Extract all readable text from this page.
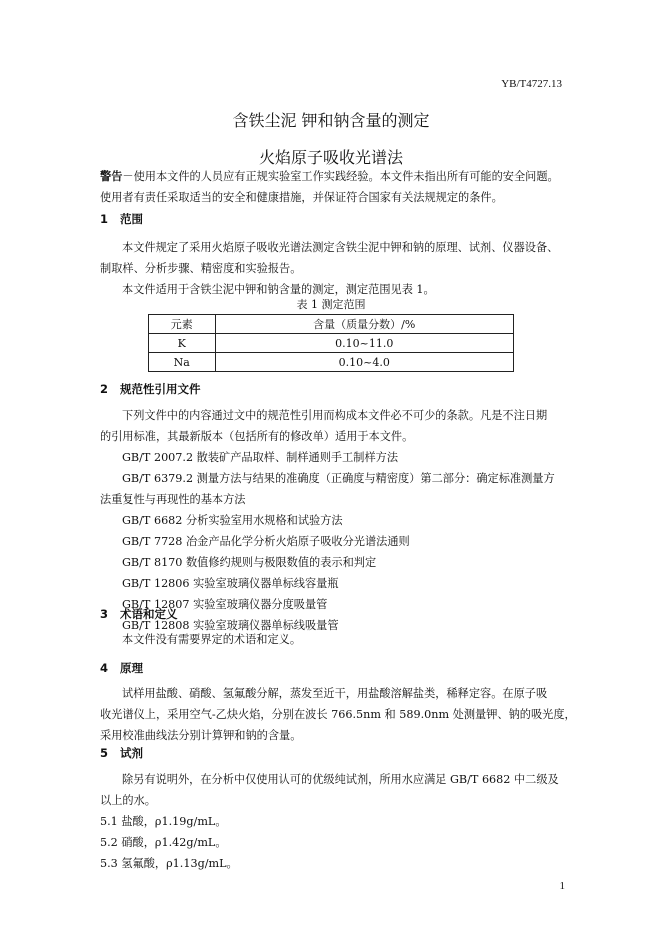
YB/T4727.13
含铁尘泥 钾和钠含量的测定
火焰原子吸收光谱法
警告－使用本文件的人员应有正规实验室工作实践经验。本文件未指出所有可能的安全问题。
使用者有责任采取适当的安全和健康措施，并保证符合国家有关法规规定的条件。
1 范围
本文件规定了采用火焰原子吸收光谱法测定含铁尘泥中钾和钠的原理、试剂、仪器设备、
制取样、分析步骤、精密度和实验报告。
本文件适用于含铁尘泥中钾和钠含量的测定，测定范围见表 1。
表 1 测定范围
元素	含量（质量分数）/%
K	0.10~11.0
Na	0.10~4.0
2 规范性引用文件
下列文件中的内容通过文中的规范性引用而构成本文件必不可少的条款。凡是不注日期
的引用标准，其最新版本（包括所有的修改单）适用于本文件。
GB/T 2007.2 散装矿产品取样、制样通则手工制样方法
GB/T 6379.2 测量方法与结果的准确度（正确度与精密度）第二部分：确定标准测量方
法重复性与再现性的基本方法
GB/T 6682 分析实验室用水规格和试验方法
GB/T 7728 冶金产品化学分析火焰原子吸收分光谱法通则
GB/T 8170 数值修约规则与极限数值的表示和判定
GB/T 12806 实验室玻璃仪器单标线容量瓶
GB/T 12807 实验室玻璃仪器分度吸量管
GB/T 12808 实验室玻璃仪器单标线吸量管
3 术语和定义
本文件没有需要界定的术语和定义。
4 原理
试样用盐酸、硝酸、氢氟酸分解，蒸发至近干，用盐酸溶解盐类，稀释定容。在原子吸
收光谱仪上，采用空气-乙炔火焰，分别在波长 766.5nm 和 589.0nm 处测量钾、钠的吸光度，
采用校准曲线法分别计算钾和钠的含量。
5 试剂
除另有说明外，在分析中仅使用认可的优级纯试剂，所用水应满足 GB/T 6682 中二级及
以上的水。
5.1 盐酸，ρ1.19g/mL。
5.2 硝酸，ρ1.42g/mL。
5.3 氢氟酸，ρ1.13g/mL。
1
